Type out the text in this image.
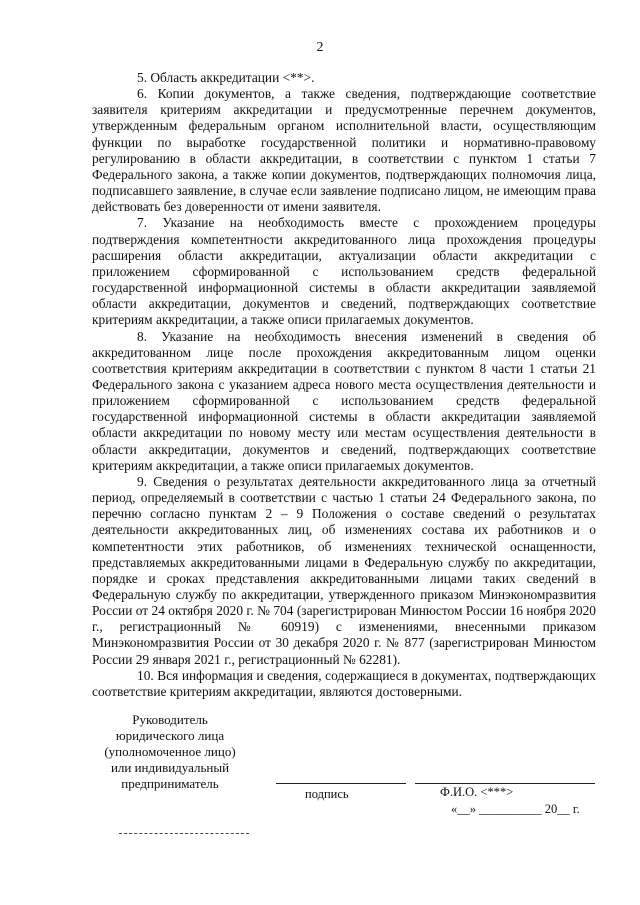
2

5. Область аккредитации <**>.

6. Копии документов, а также сведения, подтверждающие соответствие заявителя критериям аккредитации и предусмотренные перечнем документов, утвержденным федеральным органом исполнительной власти, осуществляющим функции по выработке государственной политики и нормативно-правовому регулированию в области аккредитации, в соответствии с пунктом 1 статьи 7 Федерального закона, а также копии документов, подтверждающих полномочия лица, подписавшего заявление, в случае если заявление подписано лицом, не имеющим права действовать без доверенности от имени заявителя.

7. Указание на необходимость вместе с прохождением процедуры подтверждения компетентности аккредитованного лица прохождения процедуры расширения области аккредитации, актуализации области аккредитации с приложением сформированной с использованием средств федеральной государственной информационной системы в области аккредитации заявляемой области аккредитации, документов и сведений, подтверждающих соответствие критериям аккредитации, а также описи прилагаемых документов.

8. Указание на необходимость внесения изменений в сведения об аккредитованном лице после прохождения аккредитованным лицом оценки соответствия критериям аккредитации в соответствии с пунктом 8 части 1 статьи 21 Федерального закона с указанием адреса нового места осуществления деятельности и приложением сформированной с использованием средств федеральной государственной информационной системы в области аккредитации заявляемой области аккредитации по новому месту или местам осуществления деятельности в области аккредитации, документов и сведений, подтверждающих соответствие критериям аккредитации, а также описи прилагаемых документов.

9. Сведения о результатах деятельности аккредитованного лица за отчетный период, определяемый в соответствии с частью 1 статьи 24 Федерального закона, по перечню согласно пунктам 2 – 9 Положения о составе сведений о результатах деятельности аккредитованных лиц, об изменениях состава их работников и о компетентности этих работников, об изменениях технической оснащенности, представляемых аккредитованными лицами в Федеральную службу по аккредитации, порядке и сроках представления аккредитованными лицами таких сведений в Федеральную службу по аккредитации, утвержденного приказом Минэкономразвития России от 24 октября 2020 г. № 704 (зарегистрирован Минюстом России 16 ноября 2020 г., регистрационный № 60919) с изменениями, внесенными приказом Минэкономразвития России от 30 декабря 2020 г. № 877 (зарегистрирован Минюстом России 29 января 2021 г., регистрационный № 62281).

10. Вся информация и сведения, содержащиеся в документах, подтверждающих соответствие критериям аккредитации, являются достоверными.

Руководитель
юридического лица
(уполномоченное лицо)
или индивидуальный
предприниматель
подпись	Ф.И.О. <***>
«__» __________ 20__ г.
